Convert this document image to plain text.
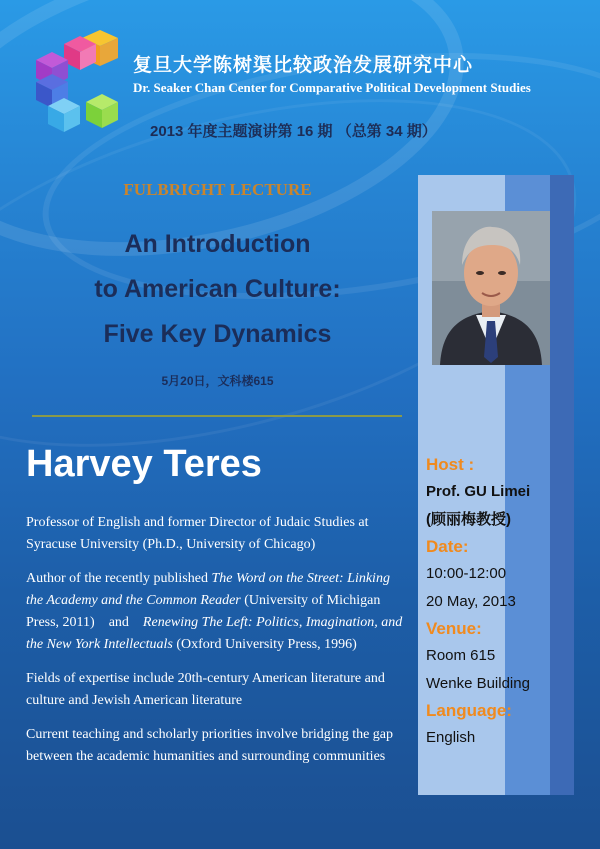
复旦大学陈树渠比较政治发展研究中心
Dr. Seaker Chan Center for Comparative Political Development Studies
2013 年度主题演讲第 16 期 （总第 34 期）
FULBRIGHT LECTURE
An Introduction
to American Culture:
Five Key Dynamics
5月20日，文科楼615
Harvey Teres

Professor of English and former Director of Judaic Studies at Syracuse University (Ph.D., University of Chicago)

Author of the recently published The Word on the Street: Linking the Academy and the Common Reader (University of Michigan Press, 2011)    and    Renewing The Left: Politics, Imagination, and the New York Intellectuals (Oxford University Press, 1996)

Fields of expertise include 20th-century American literature and culture and Jewish American literature

Current teaching and scholarly priorities involve bridging the gap between the academic humanities and surrounding communities

Host :
Prof. GU Limei
(顾丽梅教授)
Date:
10:00-12:00
20 May, 2013
Venue:
Room 615
Wenke Building
Language:
English
